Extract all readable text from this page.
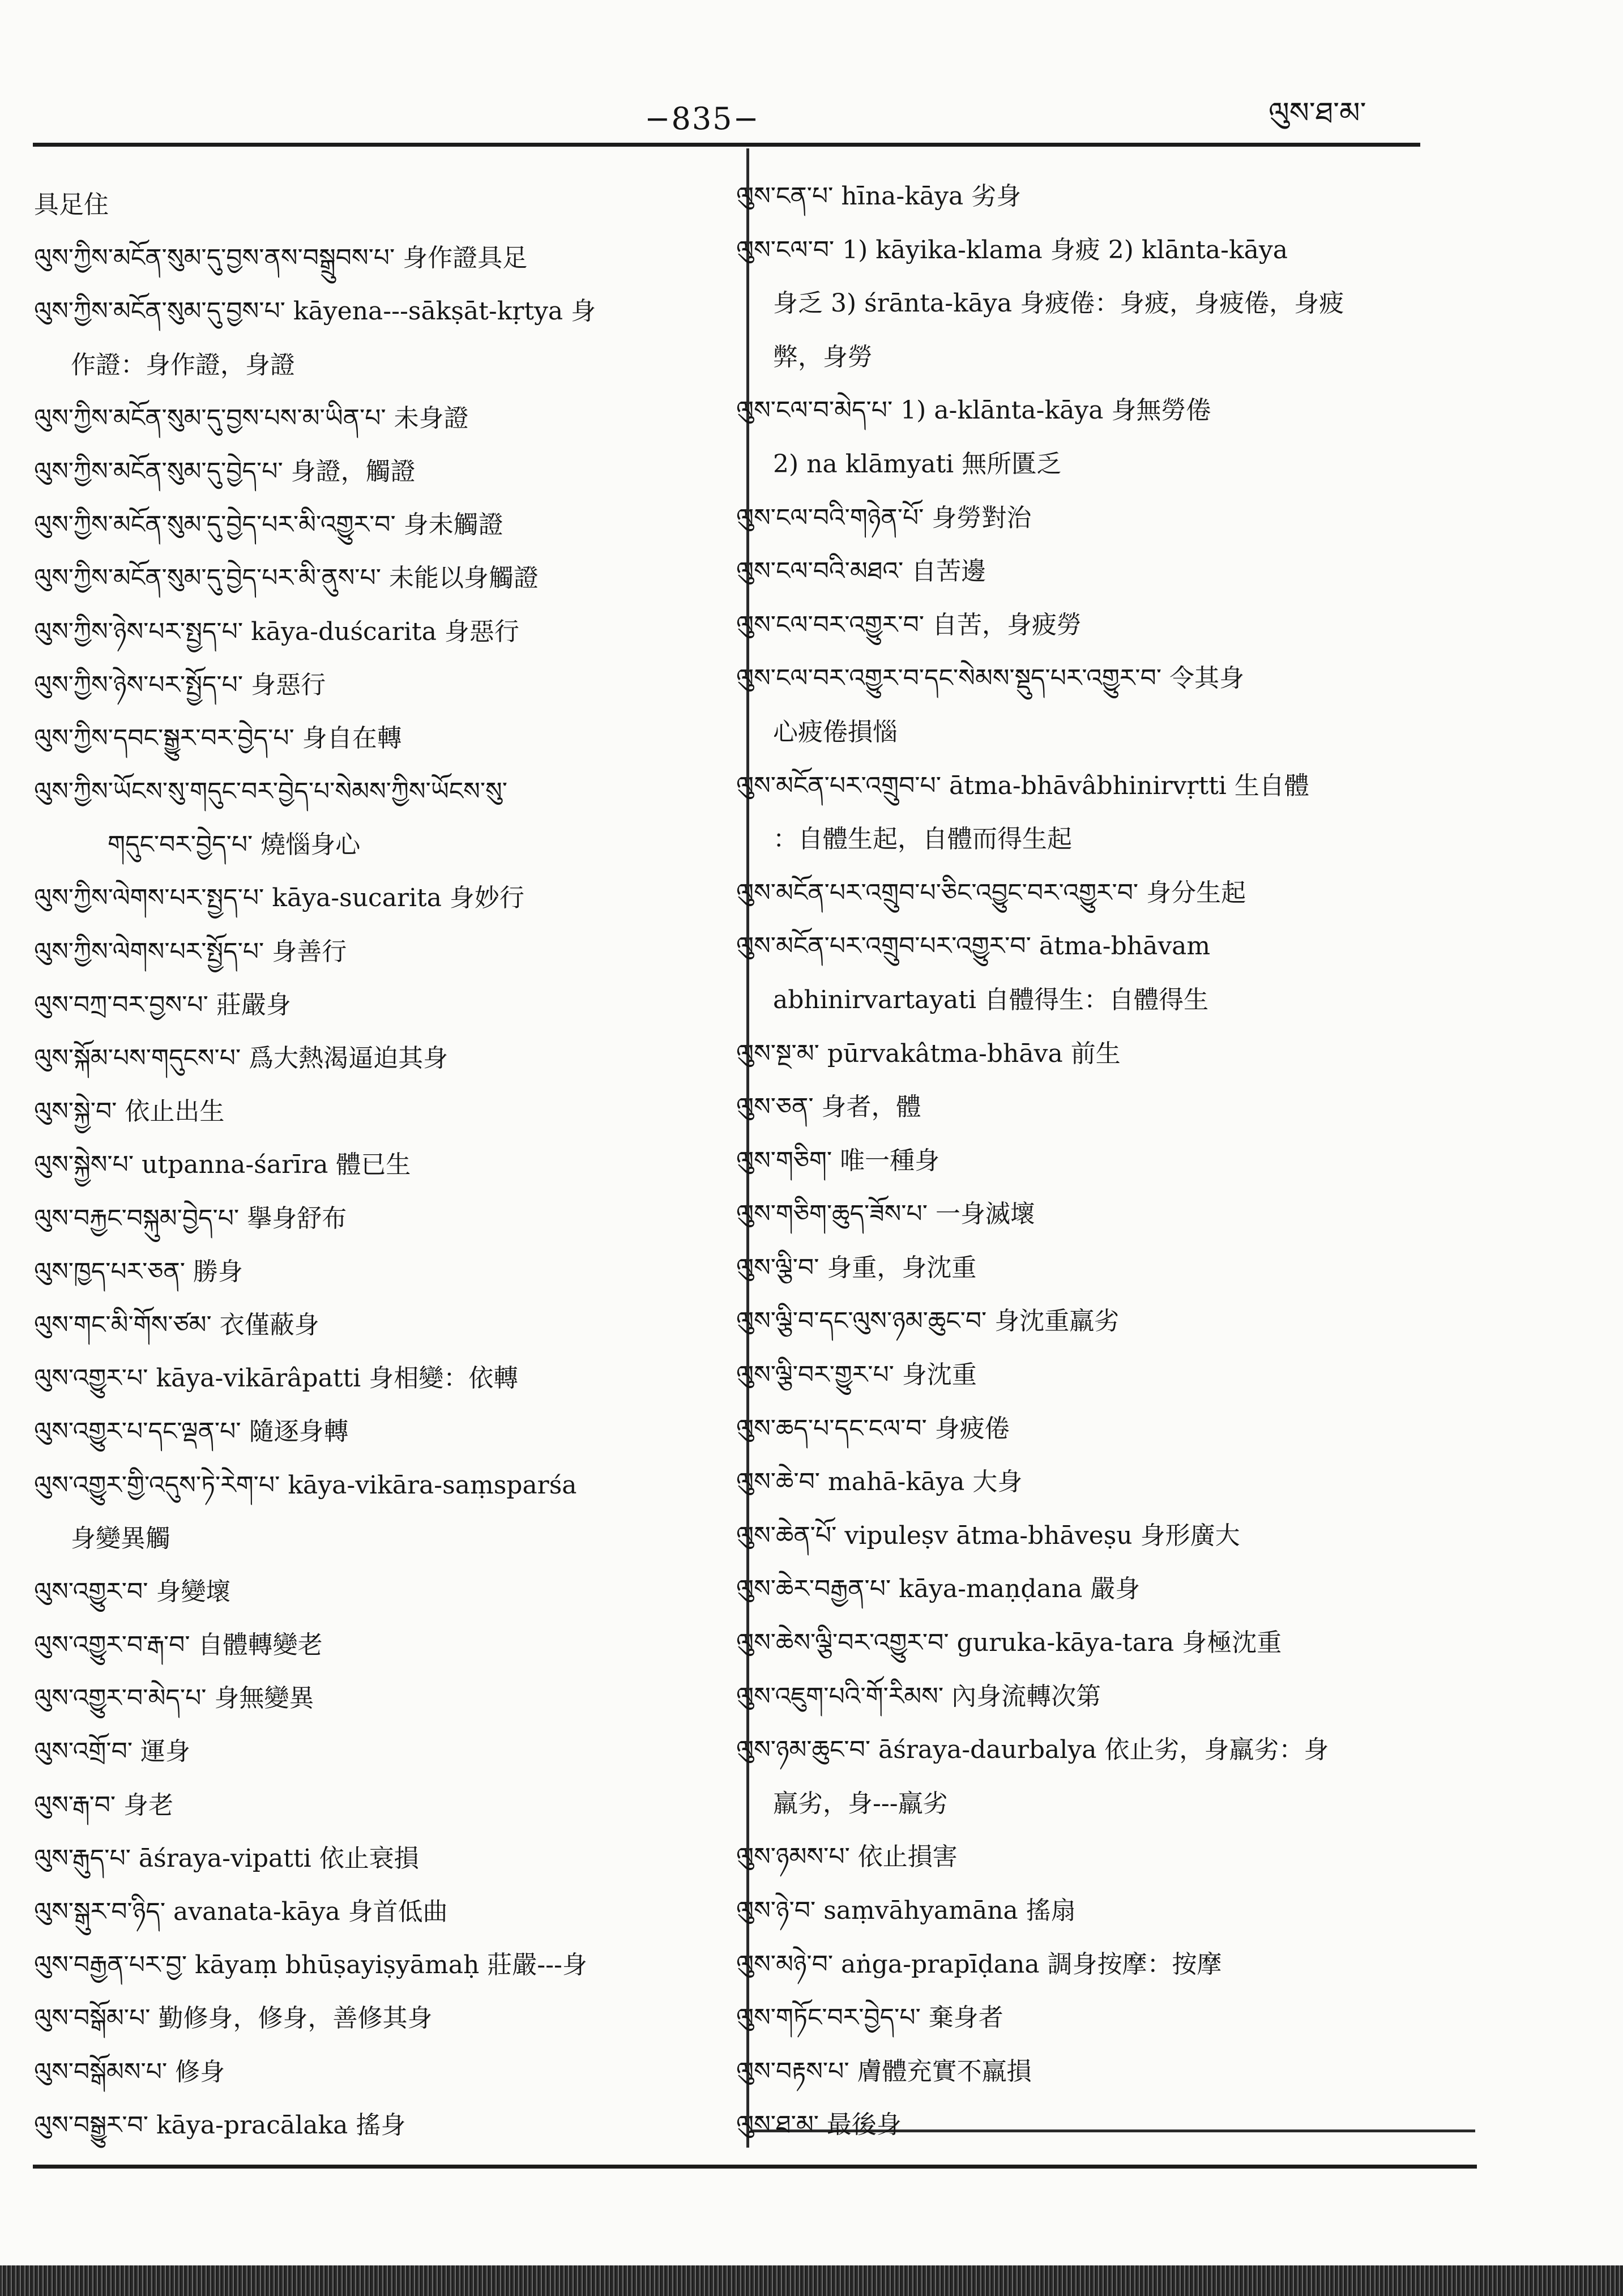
−835−	ལུས་ཐ་མ་
具足住
ལུས་ཀྱིས་མངོན་སུམ་དུ་བྱས་ནས་བསྒྲུབས་པ་ 身作證具足
ལུས་ཀྱིས་མངོན་སུམ་དུ་བྱས་པ་ kāyena---sākṣāt-kṛtya 身
作證：身作證，身證
ལུས་ཀྱིས་མངོན་སུམ་དུ་བྱས་པས་མ་ཡིན་པ་ 未身證
ལུས་ཀྱིས་མངོན་སུམ་དུ་བྱེད་པ་ 身證，觸證
ལུས་ཀྱིས་མངོན་སུམ་དུ་བྱེད་པར་མི་འགྱུར་བ་ 身未觸證
ལུས་ཀྱིས་མངོན་སུམ་དུ་བྱེད་པར་མི་ནུས་པ་ 未能以身觸證
ལུས་ཀྱིས་ཉེས་པར་སྤྱད་པ་ kāya-duścarita 身惡行
ལུས་ཀྱིས་ཉེས་པར་སྤྱོད་པ་ 身惡行
ལུས་ཀྱིས་དབང་སྒྱུར་བར་བྱེད་པ་ 身自在轉
ལུས་ཀྱིས་ཡོངས་སུ་གདུང་བར་བྱེད་པ་སེམས་ཀྱིས་ཡོངས་སུ་
གདུང་བར་བྱེད་པ་ 燒惱身心
ལུས་ཀྱིས་ལེགས་པར་སྤྱད་པ་ kāya-sucarita 身妙行
ལུས་ཀྱིས་ལེགས་པར་སྤྱོད་པ་ 身善行
ལུས་བཀྲ་བར་བྱས་པ་ 莊嚴身
ལུས་སྐོམ་པས་གདུངས་པ་ 爲大熱渴逼迫其身
ལུས་སྐྱེ་བ་ 依止出生
ལུས་སྐྱེས་པ་ utpanna-śarīra 體已生
ལུས་བརྐྱང་བསྐུམ་བྱེད་པ་ 擧身舒布
ལུས་ཁྱད་པར་ཅན་ 勝身
ལུས་གང་མི་གོས་ཙམ་ 衣僅蔽身
ལུས་འགྱུར་པ་ kāya-vikārâpatti 身相變：依轉
ལུས་འགྱུར་པ་དང་ལྡན་པ་ 隨逐身轉
ལུས་འགྱུར་གྱི་འདུས་ཏེ་རེག་པ་ kāya-vikāra-saṃsparśa
身變異觸
ལུས་འགྱུར་བ་ 身變壞
ལུས་འགྱུར་བ་རྒ་བ་ 自體轉變老
ལུས་འགྱུར་བ་མེད་པ་ 身無變異
ལུས་འགྲོ་བ་ 運身
ལུས་རྒ་བ་ 身老
ལུས་རྒུད་པ་ āśraya-vipatti 依止衰損
ལུས་སྒུར་བ་ཉིད་ avanata-kāya 身首低曲
ལུས་བརྒྱན་པར་བྱ་ kāyaṃ bhūṣayiṣyāmaḥ 莊嚴---身
ལུས་བསྒོམ་པ་ 勤修身，修身，善修其身
ལུས་བསྒོམས་པ་ 修身
ལུས་བསྒྱུར་བ་ kāya-pracālaka 搖身
ལུས་ངན་པ་ hīna-kāya 劣身
ལུས་ངལ་བ་ 1) kāyika-klama 身疲 2) klānta-kāya
身乏 3) śrānta-kāya 身疲倦：身疲，身疲倦，身疲
弊，身勞
ལུས་ངལ་བ་མེད་པ་ 1) a-klānta-kāya 身無勞倦
2) na klāmyati 無所匱乏
ལུས་ངལ་བའི་གཉེན་པོ་ 身勞對治
ལུས་ངལ་བའི་མཐའ་ 自苦邊
ལུས་ངལ་བར་འགྱུར་བ་ 自苦，身疲勞
ལུས་ངལ་བར་འགྱུར་བ་དང་སེམས་སྡུད་པར་འགྱུར་བ་ 令其身
心疲倦損惱
ལུས་མངོན་པར་འགྲུབ་པ་ ātma-bhāvâbhinirvṛtti 生自體
：自體生起，自體而得生起
ལུས་མངོན་པར་འགྲུབ་པ་ཅིང་འབྱུང་བར་འགྱུར་བ་ 身分生起
ལུས་མངོན་པར་འགྲུབ་པར་འགྱུར་བ་ ātma-bhāvam
abhinirvartayati 自體得生：自體得生
ལུས་སྔ་མ་ pūrvakâtma-bhāva 前生
ལུས་ཅན་ 身者，體
ལུས་གཅིག་ 唯一種身
ལུས་གཅིག་ཆུད་ཟོས་པ་ 一身滅壞
ལུས་ལྕི་བ་ 身重，身沈重
ལུས་ལྕི་བ་དང་ལུས་ཉམ་ཆུང་བ་ 身沈重羸劣
ལུས་ལྕི་བར་གྱུར་པ་ 身沈重
ལུས་ཆད་པ་དང་ངལ་བ་ 身疲倦
ལུས་ཆེ་བ་ mahā-kāya 大身
ལུས་ཆེན་པོ་ vipuleṣv ātma-bhāveṣu 身形廣大
ལུས་ཆེར་བརྒྱན་པ་ kāya-maṇḍana 嚴身
ལུས་ཆེས་ལྕི་བར་འགྱུར་བ་ guruka-kāya-tara 身極沈重
ལུས་འཇུག་པའི་གོ་རིམས་ 內身流轉次第
ལུས་ཉམ་ཆུང་བ་ āśraya-daurbalya 依止劣，身羸劣：身
羸劣，身---羸劣
ལུས་ཉམས་པ་ 依止損害
ལུས་ཉེ་བ་ saṃvāhyamāna 搖扇
ལུས་མཉེ་བ་ aṅga-prapīḍana 調身按摩：按摩
ལུས་གཏོང་བར་བྱེད་པ་ 棄身者
ལུས་བརྟས་པ་ 膚體充實不羸損
ལུས་ཐ་མ་ 最後身
